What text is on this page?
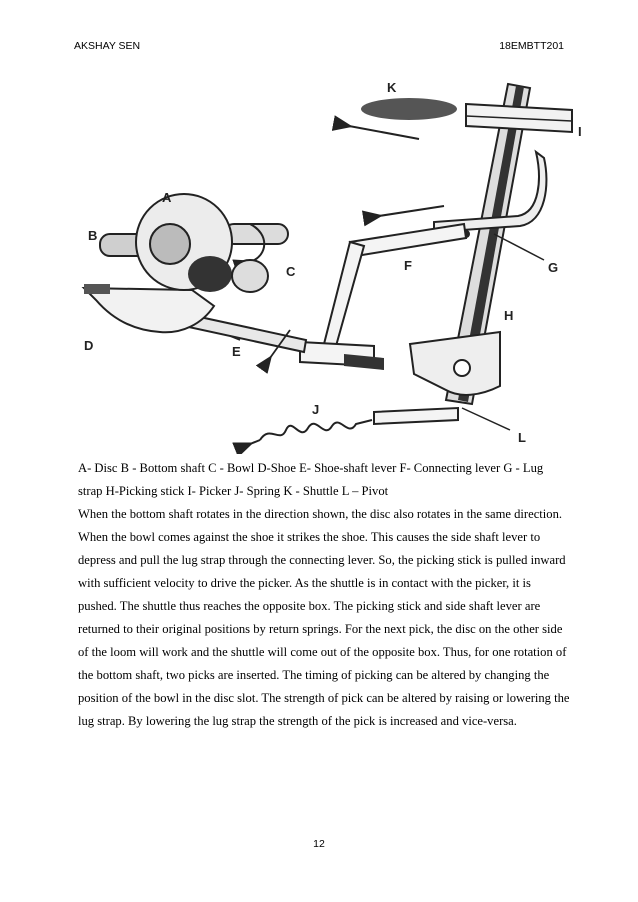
AKSHAY SEN	18EMBTT201
K
I
A
B
C	F	G
H
D	E
J
L

A- Disc B - Bottom shaft C - Bowl D-Shoe E- Shoe-shaft lever F- Connecting lever G - Lug strap H-Picking stick I- Picker J- Spring K - Shuttle L – Pivot

When the bottom shaft rotates in the direction shown, the disc also rotates in the same direction. When the bowl comes against the shoe it strikes the shoe. This causes the side shaft lever to depress and pull the lug strap through the connecting lever. So, the picking stick is pulled inward with sufficient velocity to drive the picker. As the shuttle is in contact with the picker, it is pushed. The shuttle thus reaches the opposite box. The picking stick and side shaft lever are returned to their original positions by return springs. For the next pick, the disc on the other side of the loom will work and the shuttle will come out of the opposite box. Thus, for one rotation of the bottom shaft, two picks are inserted. The timing of picking can be altered by changing the position of the bowl in the disc slot. The strength of pick can be altered by raising or lowering the lug strap. By lowering the lug strap the strength of the pick is increased and vice-versa.

12
